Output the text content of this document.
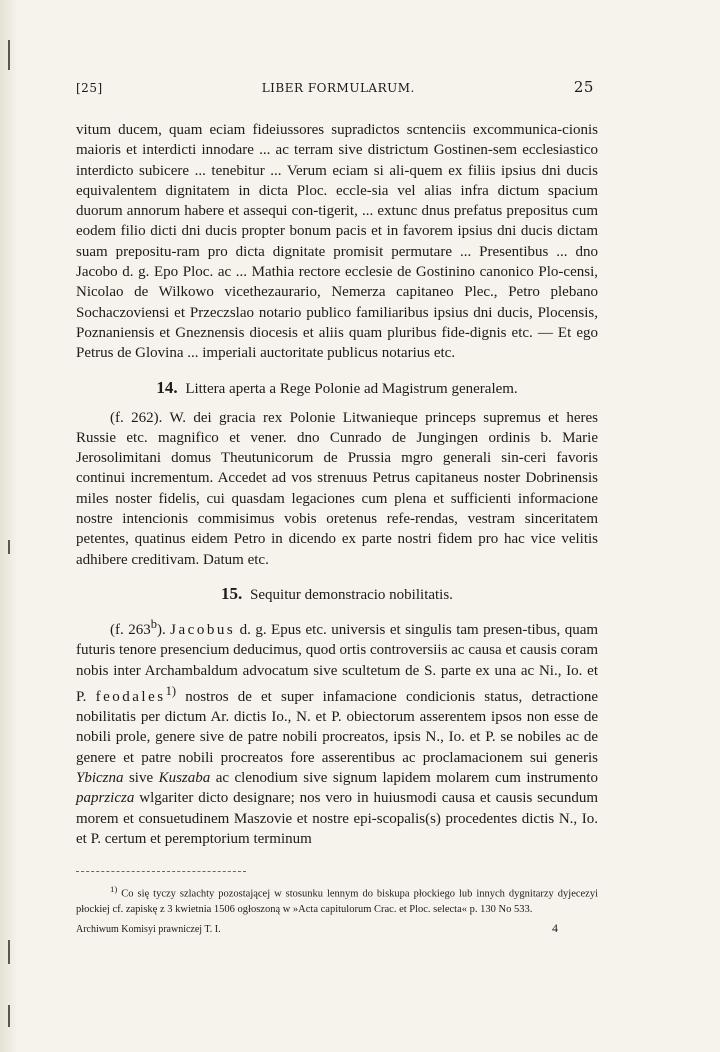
[25]	LIBER FORMULARUM.	25

vitum ducem, quam eciam fideiussores supradictos scntenciis excommunica-cionis maioris et interdicti innodare ... ac terram sive districtum Gostinen-sem ecclesiastico interdicto subicere ... tenebitur ... Verum eciam si ali-quem ex filiis ipsius dni ducis equivalentem dignitatem in dicta Ploc. eccle-sia vel alias infra dictum spacium duorum annorum habere et assequi con-tigerit, ... extunc dnus prefatus prepositus cum eodem filio dicti dni ducis propter bonum pacis et in favorem ipsius dni ducis dictam suam prepositu-ram pro dicta dignitate promisit permutare ... Presentibus ... dno Jacobo d. g. Epo Ploc. ac ... Mathia rectore ecclesie de Gostinino canonico Plo-censi, Nicolao de Wilkowo vicethezaurario, Nemerza capitaneo Plec., Petro plebano Sochaczoviensi et Przeczslao notario publico familiaribus ipsius dni ducis, Plocensis, Poznaniensis et Gneznensis diocesis et aliis quam pluribus fide-dignis etc. — Et ego Petrus de Glovina ... imperiali auctoritate publicus notarius etc.

14. Littera aperta a Rege Polonie ad Magistrum generalem.

(f. 262). W. dei gracia rex Polonie Litwanieque princeps supremus et heres Russie etc. magnifico et vener. dno Cunrado de Jungingen ordinis b. Marie Jerosolimitani domus Theutunicorum de Prussia mgro generali sin-ceri favoris continui incrementum. Accedet ad vos strenuus Petrus capitaneus noster Dobrinensis miles noster fidelis, cui quasdam legaciones cum plena et sufficienti informacione nostre intencionis commisimus vobis oretenus refe-rendas, vestram sinceritatem petentes, quatinus eidem Petro in dicendo ex parte nostri fidem pro hac vice velitis adhibere creditivam. Datum etc.

15. Sequitur demonstracio nobilitatis.

(f. 263$^b$). Jacobus d. g. Epus etc. universis et singulis tam presen-tibus, quam futuris tenore presencium deducimus, quod ortis controversiis ac causa et causis coram nobis inter Archambaldum advocatum sive scultetum de S. parte ex una ac Ni., Io. et P. feodales$^{1)}$ nostros de et super infamacione condicionis status, detractione nobilitatis per dictum Ar. dictis Io., N. et P. obiectorum asserentem ipsos non esse de nobili prole, genere sive de patre nobili procreatos, ipsis N., Io. et P. se nobiles ac de genere et patre nobili procreatos fore asserentibus ac proclamacionem sui generis Ybiczna sive Kuszaba ac clenodium sive signum lapidem molarem cum instrumento paprzicza wlgariter dicto designare; nos vero in huiusmodi causa et causis secundum morem et consuetudinem Maszovie et nostre epi-scopalis(s) procedentes dictis N., Io. et P. certum et peremptorium terminum

$^{1)}$ Co się tyczy szlachty pozostającej w stosunku lennym do biskupa płockiego lub innych dygnitarzy dyjecezyi płockiej cf. zapiskę z 3 kwietnia 1506 ogłoszoną w »Acta capitulorum Crac. et Ploc. selecta« p. 130 No 533.

Archiwum Komisyi prawniczej T. I.	4
